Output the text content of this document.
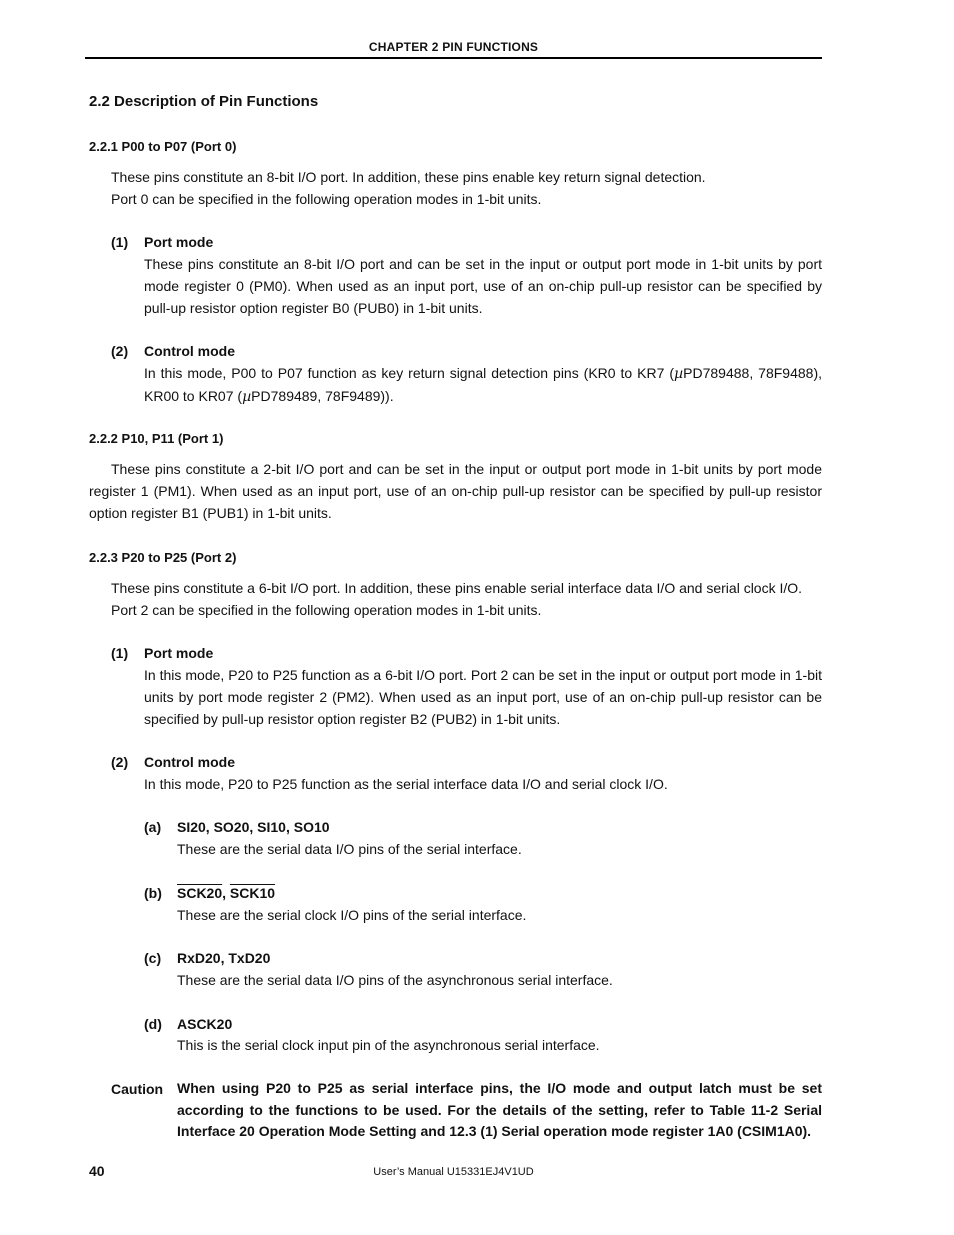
CHAPTER 2 PIN FUNCTIONS
2.2 Description of Pin Functions
2.2.1 P00 to P07 (Port 0)
These pins constitute an 8-bit I/O port. In addition, these pins enable key return signal detection.
Port 0 can be specified in the following operation modes in 1-bit units.
(1) Port mode
These pins constitute an 8-bit I/O port and can be set in the input or output port mode in 1-bit units by port mode register 0 (PM0). When used as an input port, use of an on-chip pull-up resistor can be specified by pull-up resistor option register B0 (PUB0) in 1-bit units.
(2) Control mode
In this mode, P00 to P07 function as key return signal detection pins (KR0 to KR7 (µPD789488, 78F9488), KR00 to KR07 (µPD789489, 78F9489)).
2.2.2 P10, P11 (Port 1)
These pins constitute a 2-bit I/O port and can be set in the input or output port mode in 1-bit units by port mode register 1 (PM1). When used as an input port, use of an on-chip pull-up resistor can be specified by pull-up resistor option register B1 (PUB1) in 1-bit units.
2.2.3 P20 to P25 (Port 2)
These pins constitute a 6-bit I/O port. In addition, these pins enable serial interface data I/O and serial clock I/O.
Port 2 can be specified in the following operation modes in 1-bit units.
(1) Port mode
In this mode, P20 to P25 function as a 6-bit I/O port. Port 2 can be set in the input or output port mode in 1-bit units by port mode register 2 (PM2). When used as an input port, use of an on-chip pull-up resistor can be specified by pull-up resistor option register B2 (PUB2) in 1-bit units.
(2) Control mode
In this mode, P20 to P25 function as the serial interface data I/O and serial clock I/O.
(a) SI20, SO20, SI10, SO10
These are the serial data I/O pins of the serial interface.
(b) SCK20, SCK10
These are the serial clock I/O pins of the serial interface.
(c) RxD20, TxD20
These are the serial data I/O pins of the asynchronous serial interface.
(d) ASCK20
This is the serial clock input pin of the asynchronous serial interface.
Caution When using P20 to P25 as serial interface pins, the I/O mode and output latch must be set according to the functions to be used. For the details of the setting, refer to Table 11-2 Serial Interface 20 Operation Mode Setting and 12.3 (1) Serial operation mode register 1A0 (CSIM1A0).
40	User’s Manual U15331EJ4V1UD
